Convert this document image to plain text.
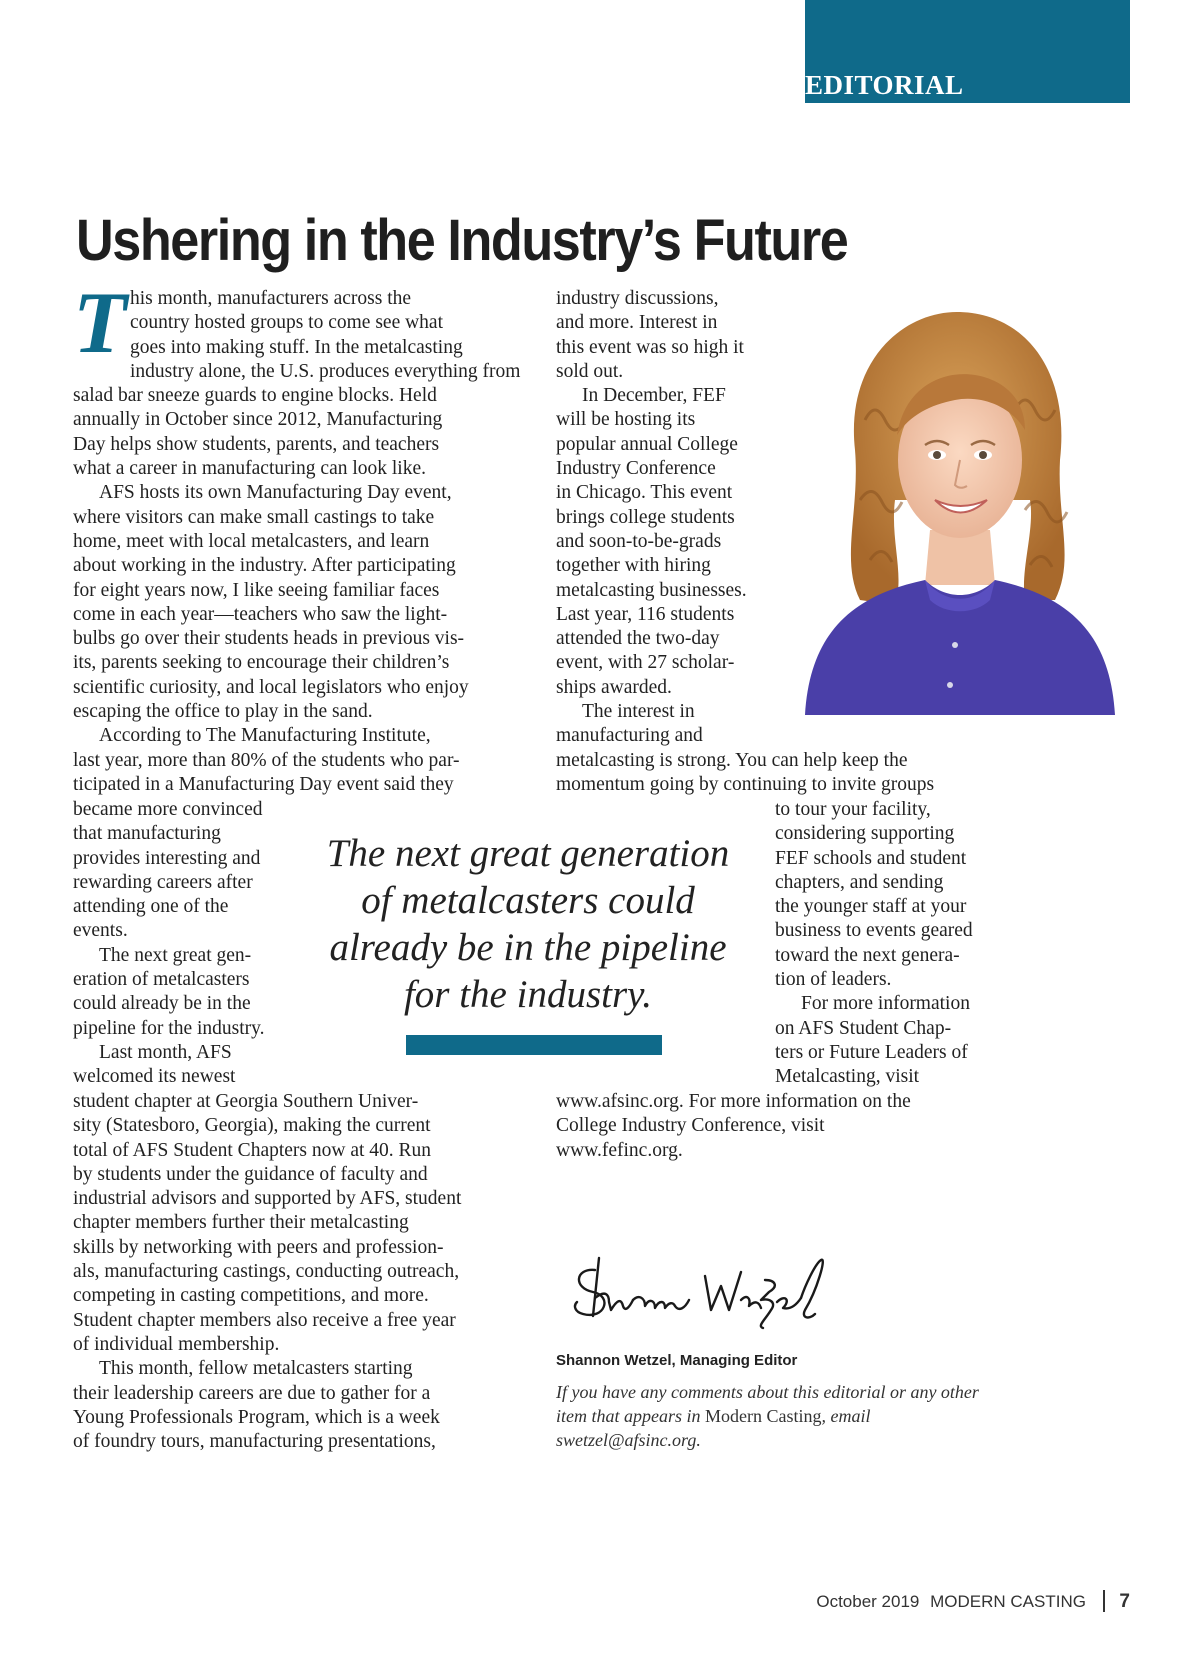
EDITORIAL
Ushering in the Industry’s Future
T his month, manufacturers across the
country hosted groups to come see what
goes into making stuff. In the metalcasting
industry alone, the U.S. produces everything from
salad bar sneeze guards to engine blocks. Held
annually in October since 2012, Manufacturing
Day helps show students, parents, and teachers
what a career in manufacturing can look like.
AFS hosts its own Manufacturing Day event,
where visitors can make small castings to take
home, meet with local metalcasters, and learn
about working in the industry. After participating
for eight years now, I like seeing familiar faces
come in each year—teachers who saw the light-
bulbs go over their students heads in previous vis-
its, parents seeking to encourage their children’s
scientific curiosity, and local legislators who enjoy
escaping the office to play in the sand.
According to The Manufacturing Institute,
last year, more than 80% of the students who par-
ticipated in a Manufacturing Day event said they
became more convinced
that manufacturing
provides interesting and
rewarding careers after
attending one of the
events.
The next great gen-
eration of metalcasters
could already be in the
pipeline for the industry.
Last month, AFS
welcomed its newest
student chapter at Georgia Southern Univer-
sity (Statesboro, Georgia), making the current
total of AFS Student Chapters now at 40. Run
by students under the guidance of faculty and
industrial advisors and supported by AFS, student
chapter members further their metalcasting
skills by networking with peers and profession-
als, manufacturing castings, conducting outreach,
competing in casting competitions, and more.
Student chapter members also receive a free year
of individual membership.
This month, fellow metalcasters starting
their leadership careers are due to gather for a
Young Professionals Program, which is a week
of foundry tours, manufacturing presentations,
industry discussions,
and more. Interest in
this event was so high it
sold out.
In December, FEF
will be hosting its
popular annual College
Industry Conference
in Chicago. This event
brings college students
and soon-to-be-grads
together with hiring
metalcasting businesses.
Last year, 116 students
attended the two-day
event, with 27 scholar-
ships awarded.
The interest in
manufacturing and
metalcasting is strong. You can help keep the
momentum going by continuing to invite groups
to tour your facility,
considering supporting
FEF schools and student
chapters, and sending
the younger staff at your
business to events geared
toward the next genera-
tion of leaders.
For more information
on AFS Student Chap-
ters or Future Leaders of
Metalcasting, visit
www.afsinc.org. For more information on the
College Industry Conference, visit
www.fefinc.org.
The next great generation
of metalcasters could
already be in the pipeline
for the industry.
Shannon Wetzel, Managing Editor
If you have any comments about this editorial or any other item that appears in Modern Casting, email swetzel@afsinc.org.
October 2019 MODERN CASTING 7
